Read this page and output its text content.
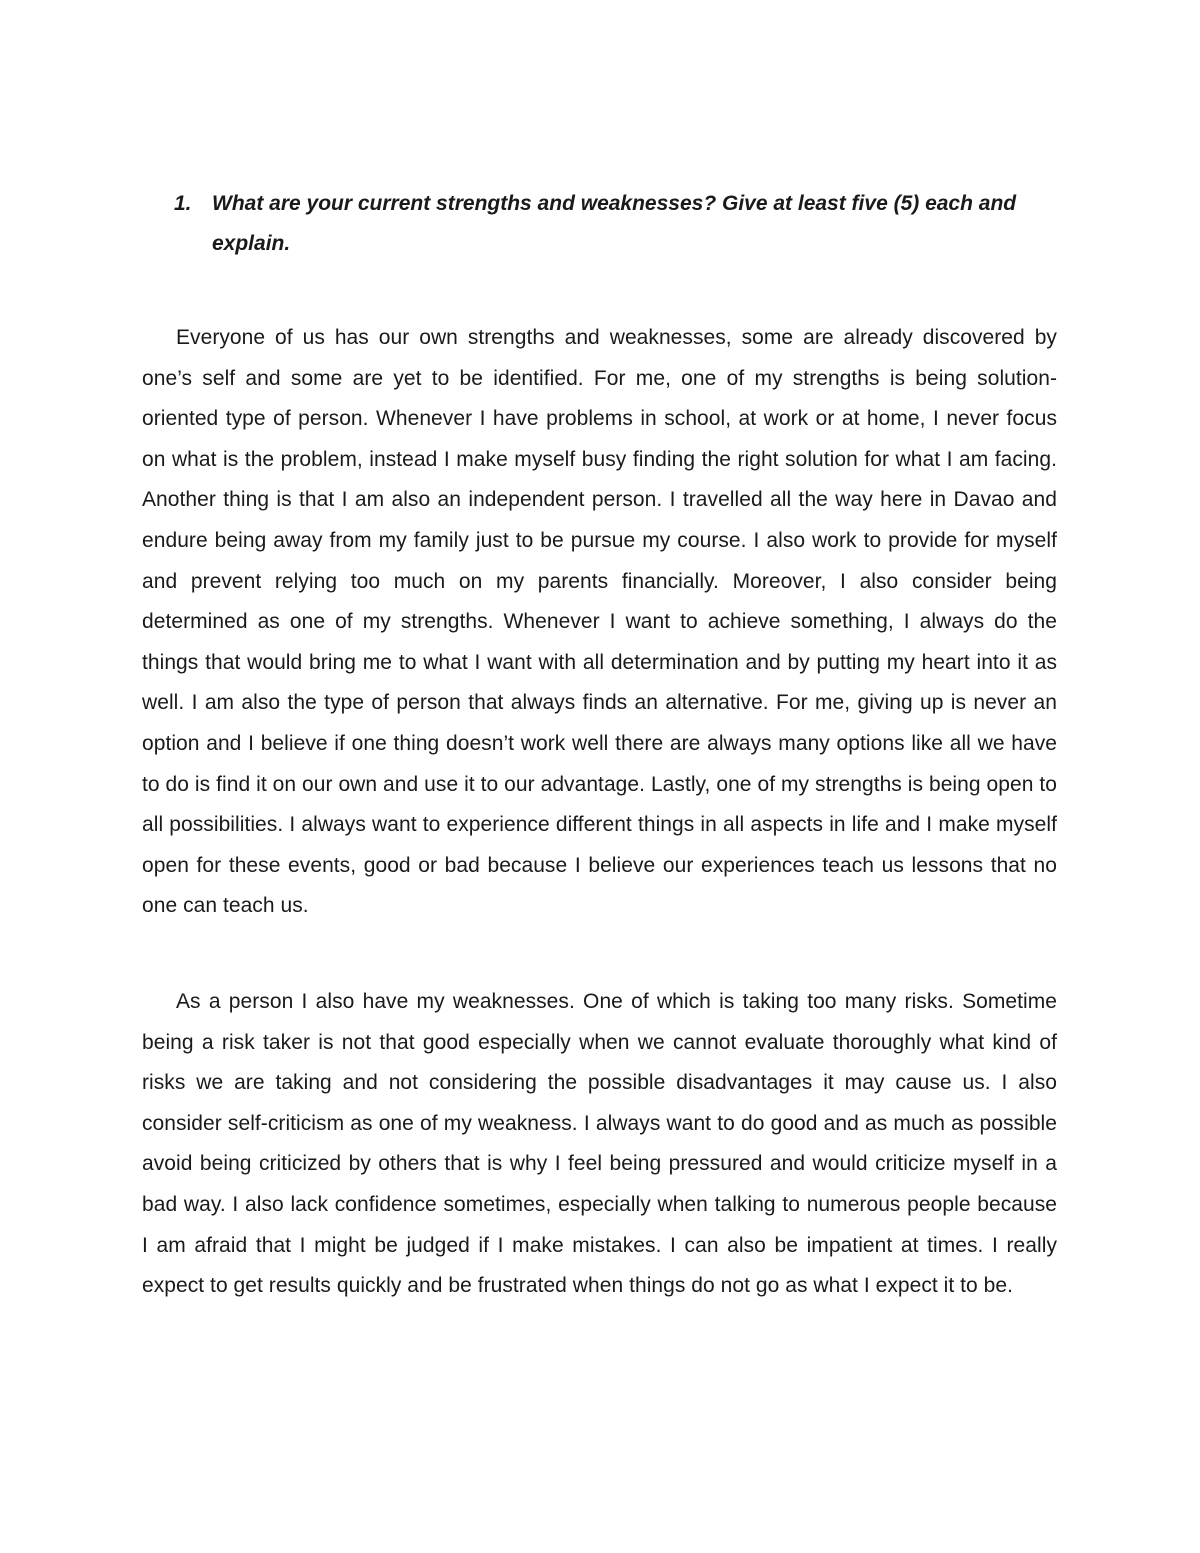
1. What are your current strengths and weaknesses? Give at least five (5) each and explain.

Everyone of us has our own strengths and weaknesses, some are already discovered by one’s self and some are yet to be identified. For me, one of my strengths is being solution-oriented type of person. Whenever I have problems in school, at work or at home, I never focus on what is the problem, instead I make myself busy finding the right solution for what I am facing. Another thing is that I am also an independent person. I travelled all the way here in Davao and endure being away from my family just to be pursue my course. I also work to provide for myself and prevent relying too much on my parents financially. Moreover, I also consider being determined as one of my strengths. Whenever I want to achieve something, I always do the things that would bring me to what I want with all determination and by putting my heart into it as well. I am also the type of person that always finds an alternative. For me, giving up is never an option and I believe if one thing doesn’t work well there are always many options like all we have to do is find it on our own and use it to our advantage. Lastly, one of my strengths is being open to all possibilities. I always want to experience different things in all aspects in life and I make myself open for these events, good or bad because I believe our experiences teach us lessons that no one can teach us.

As a person I also have my weaknesses. One of which is taking too many risks. Sometime being a risk taker is not that good especially when we cannot evaluate thoroughly what kind of risks we are taking and not considering the possible disadvantages it may cause us. I also consider self-criticism as one of my weakness. I always want to do good and as much as possible avoid being criticized by others that is why I feel being pressured and would criticize myself in a bad way. I also lack confidence sometimes, especially when talking to numerous people because I am afraid that I might be judged if I make mistakes. I can also be impatient at times. I really expect to get results quickly and be frustrated when things do not go as what I expect it to be.
